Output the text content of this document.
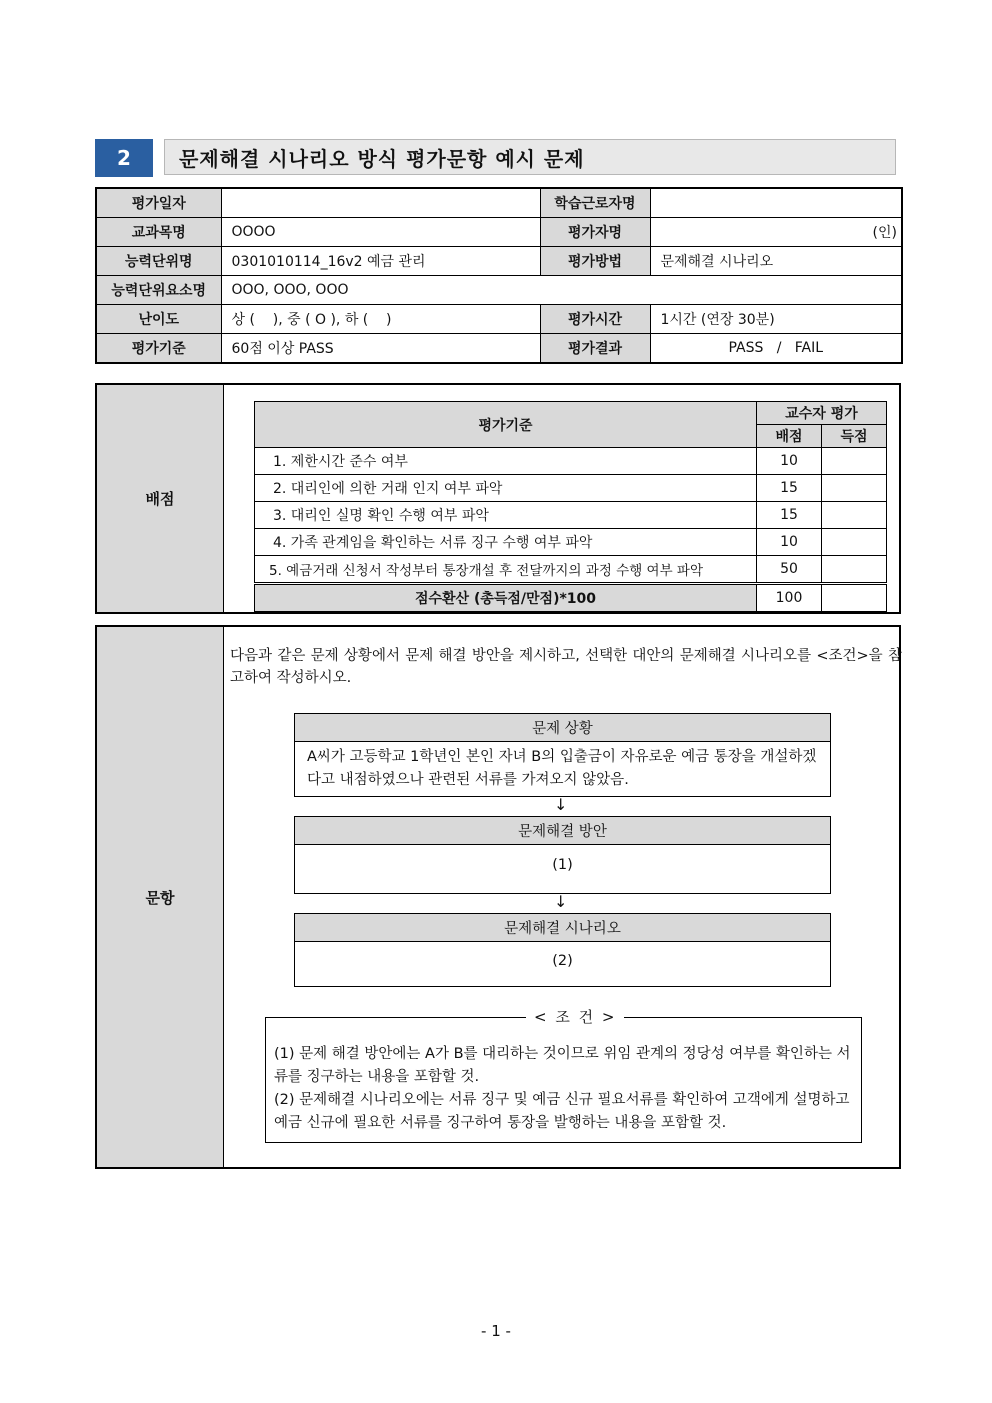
2	문제해결 시나리오 방식 평가문항 예시 문제
평가일자		학습근로자명	
교과목명	OOOO	평가자명	(인)
능력단위명	0301010114_16v2 예금 관리	평가방법	문제해결 시나리오
능력단위요소명	OOO, OOO, OOO		
난이도	상 (    ), 중 ( O ), 하 (    )	평가시간	1시간 (연장 30분)
평가기준	60점 이상 PASS	평가결과	PASS   /   FAIL
배점
평가기준	교수자 평가	
	배점	득점
1. 제한시간 준수 여부	10	
2. 대리인에 의한 거래 인지 여부 파악	15	
3. 대리인 실명 확인 수행 여부 파악	15	
4. 가족 관계임을 확인하는 서류 징구 수행 여부 파악	10	
5. 예금거래 신청서 작성부터 통장개설 후 전달까지의 과정 수행 여부 파악	50	
점수환산 (총득점/만점)*100	100	
문항
다음과 같은 문제 상황에서 문제 해결 방안을 제시하고, 선택한 대안의 문제해결 시나리오를 <조건>을 참고하여 작성하시오.
문제 상황
A씨가 고등학교 1학년인 본인 자녀 B의 입출금이 자유로운 예금 통장을 개설하겠다고 내점하였으나 관련된 서류를 가져오지 않았음.
↓
문제해결 방안
(1)
↓
문제해결 시나리오
(2)
< 조 건 >
(1) 문제 해결 방안에는 A가 B를 대리하는 것이므로 위임 관계의 정당성 여부를 확인하는 서류를 징구하는 내용을 포함할 것.
(2) 문제해결 시나리오에는 서류 징구 및 예금 신규 필요서류를 확인하여 고객에게 설명하고 예금 신규에 필요한 서류를 징구하여 통장을 발행하는 내용을 포함할 것.
- 1 -
